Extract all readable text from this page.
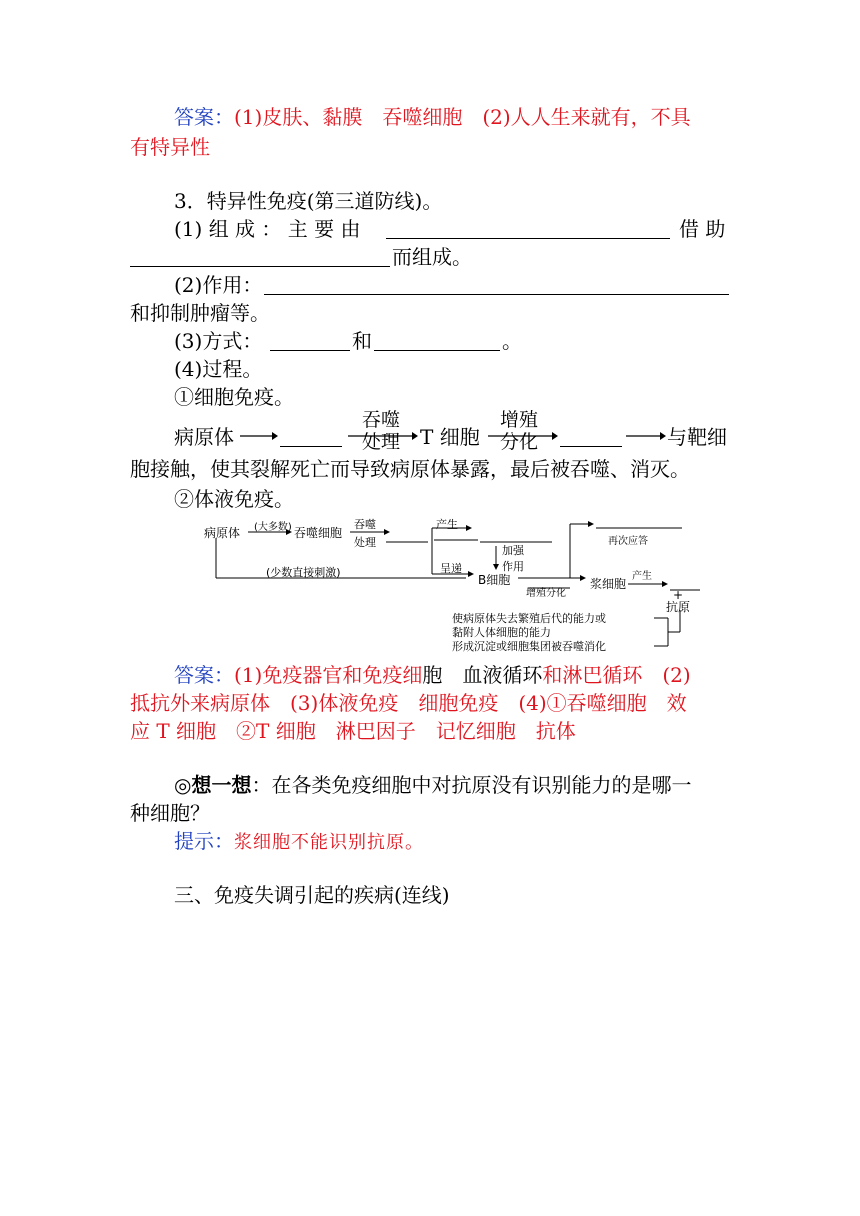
答案：(1)皮肤、黏膜　吞噬细胞　(2)人人生来就有，不具
有特异性
3．特异性免疫(第三道防线)。
(1) 组 成 ： 主 要 由	借 助
而组成。
(2)作用：
和抑制肿瘤等。
(3)方式：	和	。
(4)过程。
①细胞免疫。
病原体
吞噬
处理 T 细胞
增殖
分化	与靶细
胞接触，使其裂解死亡而导致病原体暴露，最后被吞噬、消灭。
②体液免疫。
病原体 (大多数) 吞噬细胞
吞噬
处理
(少数直接刺激)
产生
呈递
加强
作用
B细胞
增殖分化
浆细胞
产生
+
抗原
再次应答
使病原体失去繁殖后代的能力或
黏附人体细胞的能力
形成沉淀或细胞集团被吞噬消化
答案：(1)免疫器官和免疫细胞　血液循环和淋巴循环　(2)
抵抗外来病原体　(3)体液免疫　细胞免疫　(4)①吞噬细胞　效
应 T 细胞　②T 细胞　淋巴因子　记忆细胞　抗体
◎想一想：在各类免疫细胞中对抗原没有识别能力的是哪一
种细胞？
提示：浆细胞不能识别抗原。
三、免疫失调引起的疾病(连线)
